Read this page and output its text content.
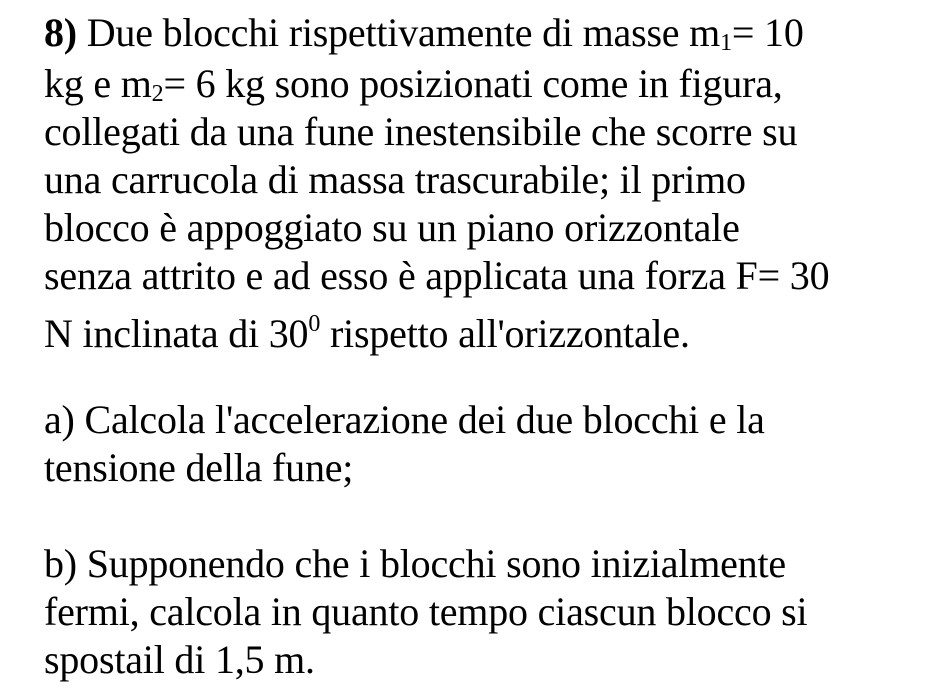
8) Due blocchi rispettivamente di masse m1= 10
kg e m2= 6 kg sono posizionati come in figura,
collegati da una fune inestensibile che scorre su
una carrucola di massa trascurabile; il primo
blocco è appoggiato su un piano orizzontale
senza attrito e ad esso è applicata una forza F= 30
N inclinata di $30^0$ rispetto all'orizzontale.
a) Calcola l'accelerazione dei due blocchi e la
tensione della fune;
b) Supponendo che i blocchi sono inizialmente
fermi, calcola in quanto tempo ciascun blocco si
spostail di 1,5 m.
